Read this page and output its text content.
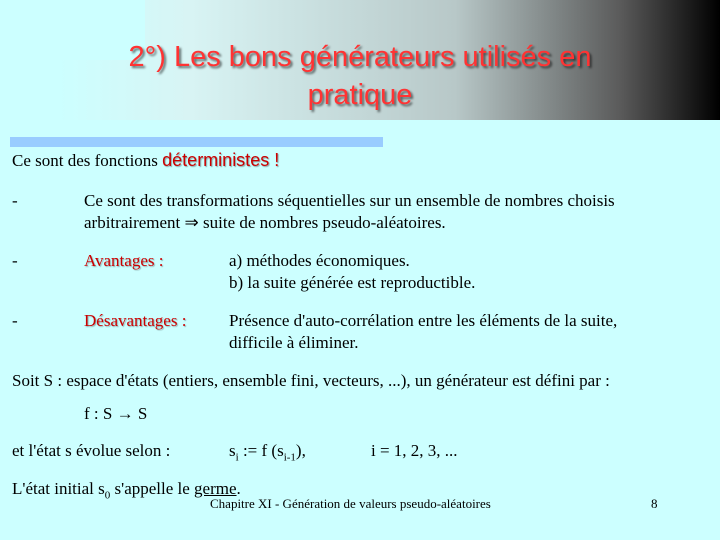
2°) Les bons générateurs utilisés en
pratique
Ce sont des fonctions déterministes !
-	Ce sont des transformations séquentielles sur un ensemble de nombres choisis
arbitrairement ⇒ suite de nombres pseudo-aléatoires.
-	Avantages :	a) méthodes économiques.
b) la suite générée est reproductible.
-	Désavantages :	Présence d'auto-corrélation entre les éléments de la suite,
difficile à éliminer.
Soit S : espace d'états (entiers, ensemble fini, vecteurs, ...), un générateur est défini par :
f : S → S
et l'état s évolue selon :	$s_i$ := f $(s_{i-1})$,	i = 1, 2, 3, ...
L'état initial $s_0$ s'appelle le germe.
Chapitre XI - Génération de valeurs pseudo-aléatoires	8
